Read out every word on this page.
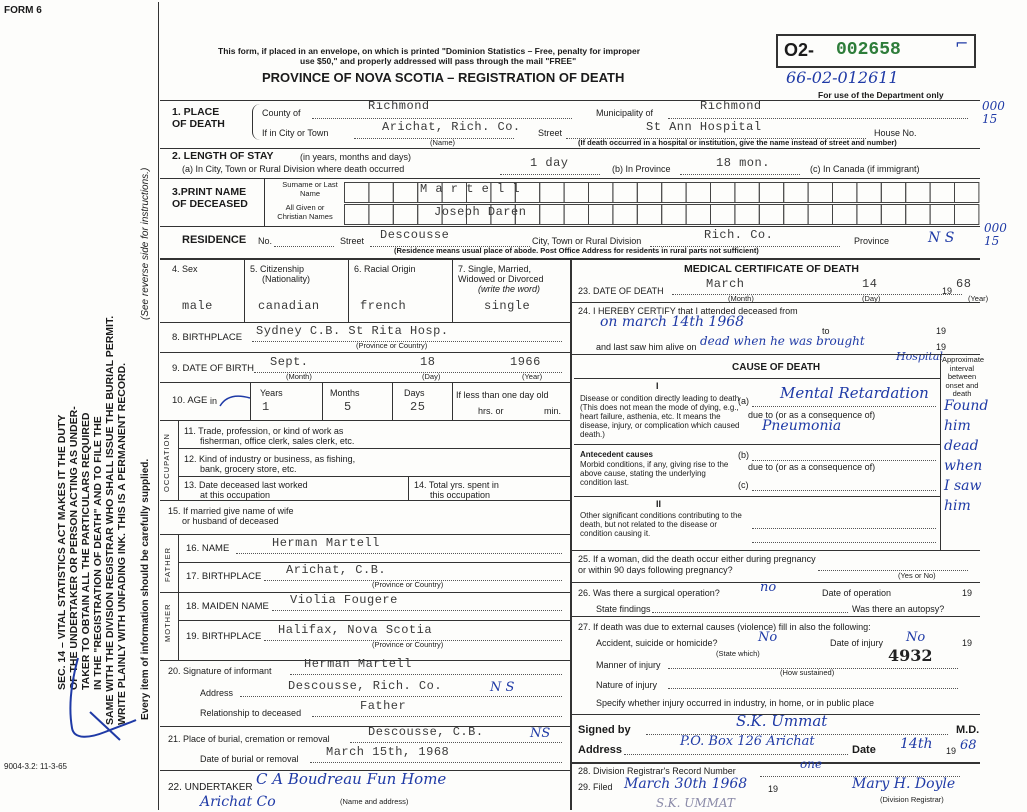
FORM 6
SEC. 14 – VITAL STATISTICS ACT MAKES IT THE DUTY OF THE UNDERTAKER OR PERSON ACTING AS UNDER- TAKER TO OBTAIN ALL THE PARTICULARS REQUIRED IN THE "REGISTRATION OF DEATH" AND TO FILE THE SAME WITH THE DIVISION REGISTRAR WHO SHALL ISSUE THE BURIAL PERMIT. WRITE PLAINLY WITH UNFADING INK. THIS IS A PERMANENT RECORD. Every item of information should be carefully supplied.
(See reverse side for instructions.)
This form, if placed in an envelope, on which is printed "Dominion Statistics – Free, penalty for improper
use $50," and properly addressed will pass through the mail "FREE"
PROVINCE OF NOVA SCOTIA – REGISTRATION OF DEATH
O2- 002658	⌐
66-02-012611
For use of the Department only
000 15
1. PLACE OF DEATH
County of	Richmond	Municipality of	Richmond
If in City or Town	Arichat, Rich. Co.
(Name)
Street	St Ann Hospital	House No.
(If death occurred in a hospital or institution, give the name instead of street and number)
2. LENGTH OF STAY	(in years, months and days)
(a) In City, Town or Rural Division where death occurred	1 day	(b) In Province	18 mon.	(c) In Canada (if immigrant)
3.PRINT NAME OF DECEASED
Surname or Last Name
All Given or Christian Names
M a r t e l l
Joseph Daren
RESIDENCE No.	Street Descousse	City, Town or Rural Division	Rich. Co.	Province	N S
000 15
(Residence means usual place of abode. Post Office Address for residents in rural parts not sufficient)
4. Sex	5. Citizenship
(Nationality)
6. Racial Origin	7. Single, Married, Widowed or Divorced
(write the word)
male	canadian	french	single
8. BIRTHPLACE Sydney C.B. St Rita Hosp.
(Province or Country)
9. DATE OF BIRTH Sept.	18	1966
(Month)	(Day)	(Year)
10. AGE in
Years	Months	Days
1	5	25
If less than one day old
hrs. or	min.
OCCUPATION
11. Trade, profession, or kind of work as
fisherman, office clerk, sales clerk, etc.
12. Kind of industry or business, as fishing,
bank, grocery store, etc.
13. Date deceased last worked
at this occupation
14. Total yrs. spent in
this occupation
15. If married give name of wife
or husband of deceased
FATHER 16. NAME	Herman Martell
17. BIRTHPLACE Arichat, C.B.
(Province or Country)
MOTHER 18. MAIDEN NAME Violia Fougere
19. BIRTHPLACE Halifax, Nova Scotia
(Province or Country)
20. Signature of informant	Herman Martell
Address	Descousse, Rich. Co.	N S
Relationship to deceased	Father
21. Place of burial, cremation or removal	Descousse, C.B.	NS
Date of burial or removal March 15th, 1968
22. UNDERTAKER C A Boudreau Fun Home
Arichat Co	(Name and address)
9004-3.2: 11-3-65
MEDICAL CERTIFICATE OF DEATH
23. DATE OF DEATH	March	14	19 68
(Month)	(Day)	(Year)
24. I HEREBY CERTIFY that I attended deceased from
on march 14th 1968
to	19
and last saw him alive on dead when he was brought	19
Hospital
CAUSE OF DEATH
Approximate interval between onset and death
I
Disease or condition directly leading to death (This does not mean the mode of dying, e.g., heart failure, asthenia, etc. It means the disease, injury, or complication which caused death.)
(a) Mental Retardation
due to (or as a consequence of)
Pneumonia
Antecedent causes
Morbid conditions, if any, giving rise to the above cause, stating the underlying condition last.
(b)
due to (or as a consequence of)
(c)
Found him dead when I saw him
II
Other significant conditions contributing to the death, but not related to the disease or condition causing it.
25. If a woman, did the death occur either during pregnancy or within 90 days following pregnancy?
(Yes or No)
26. Was there a surgical operation?	no	Date of operation	19
State findings	Was there an autopsy?
27. If death was due to external causes (violence) fill in also the following:
Accident, suicide or homicide?	No	Date of injury No	19
(State which)	4932
Manner of injury
(How sustained)
Nature of injury
Specify whether injury occurred in industry, in home, or in public place
Signed by	S.K. Ummat	M.D.
Address
P.O. Box 126 Arichat
Date 14th 19 68
28. Division Registrar's Record Number	one
29. Filed March 30th 1968 19	Mary H. Doyle
(Division Registrar)
S.K. UMMAT
